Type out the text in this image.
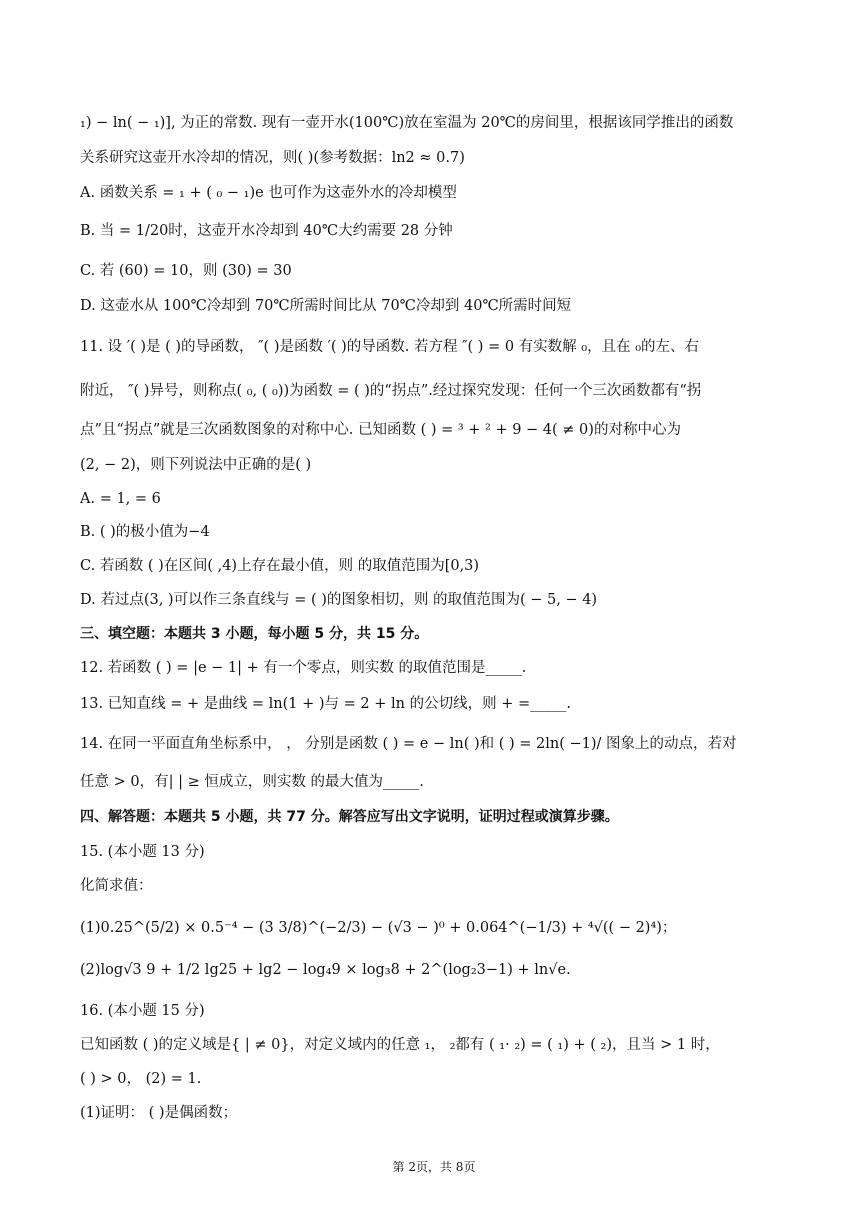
₁) − ln( − ₁)], 为正的常数. 现有一壶开水(100℃)放在室温为 20℃的房间里，根据该同学推出的函数
关系研究这壶开水冷却的情况，则( )(参考数据：ln2 ≈ 0.7)
A. 函数关系 = ₁ + ( ₀ − ₁)e 也可作为这壶外水的冷却模型
B. 当 = 1/20时，这壶开水冷却到 40℃大约需要 28 分钟
C. 若 (60) = 10，则 (30) = 30
D. 这壶水从 100℃冷却到 70℃所需时间比从 70℃冷却到 40℃所需时间短
11. 设 ′( )是 ( )的导函数， ″( )是函数 ′( )的导函数. 若方程 ″( ) = 0 有实数解 ₀，且在 ₀的左、右
附近， ″( )异号，则称点( ₀, ( ₀))为函数 = ( )的“拐点”.经过探究发现：任何一个三次函数都有“拐
点”且“拐点”就是三次函数图象的对称中心. 已知函数 ( ) = ³ + ² + 9 − 4( ≠ 0)的对称中心为
(2, − 2)，则下列说法中正确的是( )
A. = 1, = 6
B. ( )的极小值为−4
C. 若函数 ( )在区间( ,4)上存在最小值，则 的取值范围为[0,3)
D. 若过点(3, )可以作三条直线与 = ( )的图象相切，则 的取值范围为( − 5, − 4)
三、填空题：本题共 3 小题，每小题 5 分，共 15 分。
12. 若函数 ( ) = |e − 1| + 有一个零点，则实数 的取值范围是_____.
13. 已知直线 = + 是曲线 = ln(1 + )与 = 2 + ln 的公切线，则 + =_____.
14. 在同一平面直角坐标系中， ， 分别是函数 ( ) = e − ln( )和 ( ) = 2ln( −1)/ 图象上的动点，若对
任意 > 0，有| | ≥ 恒成立，则实数 的最大值为_____.
四、解答题：本题共 5 小题，共 77 分。解答应写出文字说明，证明过程或演算步骤。
15. (本小题 13 分)
化简求值：
(1)0.25^(5/2) × 0.5⁻⁴ − (3 3/8)^(−2/3) − (√3 − )⁰ + 0.064^(−1/3) + ⁴√(( − 2)⁴)；
(2)log√3 9 + 1/2 lg25 + lg2 − log₄9 × log₃8 + 2^(log₂3−1) + ln√e.
16. (本小题 15 分)
已知函数 ( )的定义域是{ | ≠ 0}，对定义域内的任意 ₁， ₂都有 ( ₁· ₂) = ( ₁) + ( ₂)，且当 > 1 时，
( ) > 0， (2) = 1.
(1)证明： ( )是偶函数；
第 2页，共 8页
